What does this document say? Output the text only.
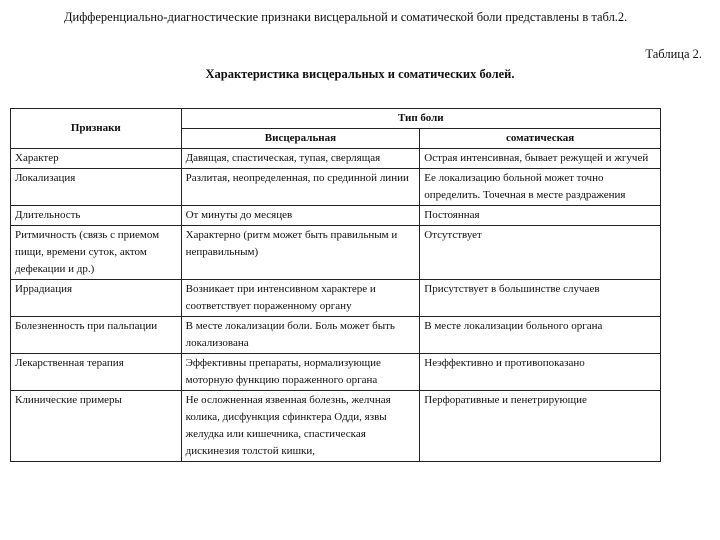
Дифференциально-диагностические признаки висцеральной и соматической боли представлены в табл.2.
Таблица 2.
Характеристика висцеральных и соматических болей.
Признаки	Тип боли	
	Висцеральная	соматическая
Характер	Давящая, спастическая, тупая, сверлящая	Острая интенсивная, бывает режущей и жгучей
Локализация	Разлитая, неопределенная, по срединной линии	Ее локализацию больной может точно определить. Точечная в месте раздражения
Длительность	От минуты до месяцев	Постоянная
Ритмичность (связь с приемом пищи, времени суток, актом дефекации и др.)	Характерно (ритм может быть правильным и неправильным)	Отсутствует
Иррадиация	Возникает при интенсивном характере и соответствует пораженному органу	Присутствует в большинстве случаев
Болезненность при пальпации	В месте локализации боли. Боль может быть локализована	В месте локализации больного органа
Лекарственная терапия	Эффективны препараты, нормализующие моторную функцию пораженного органа	Неэффективно и противопоказано
Клинические примеры	Не осложненная язвенная болезнь, желчная колика, дисфункция сфинктера Одди, язвы желудка или кишечника, спастическая дискинезия толстой кишки,	Перфоративные и пенетрирующие
